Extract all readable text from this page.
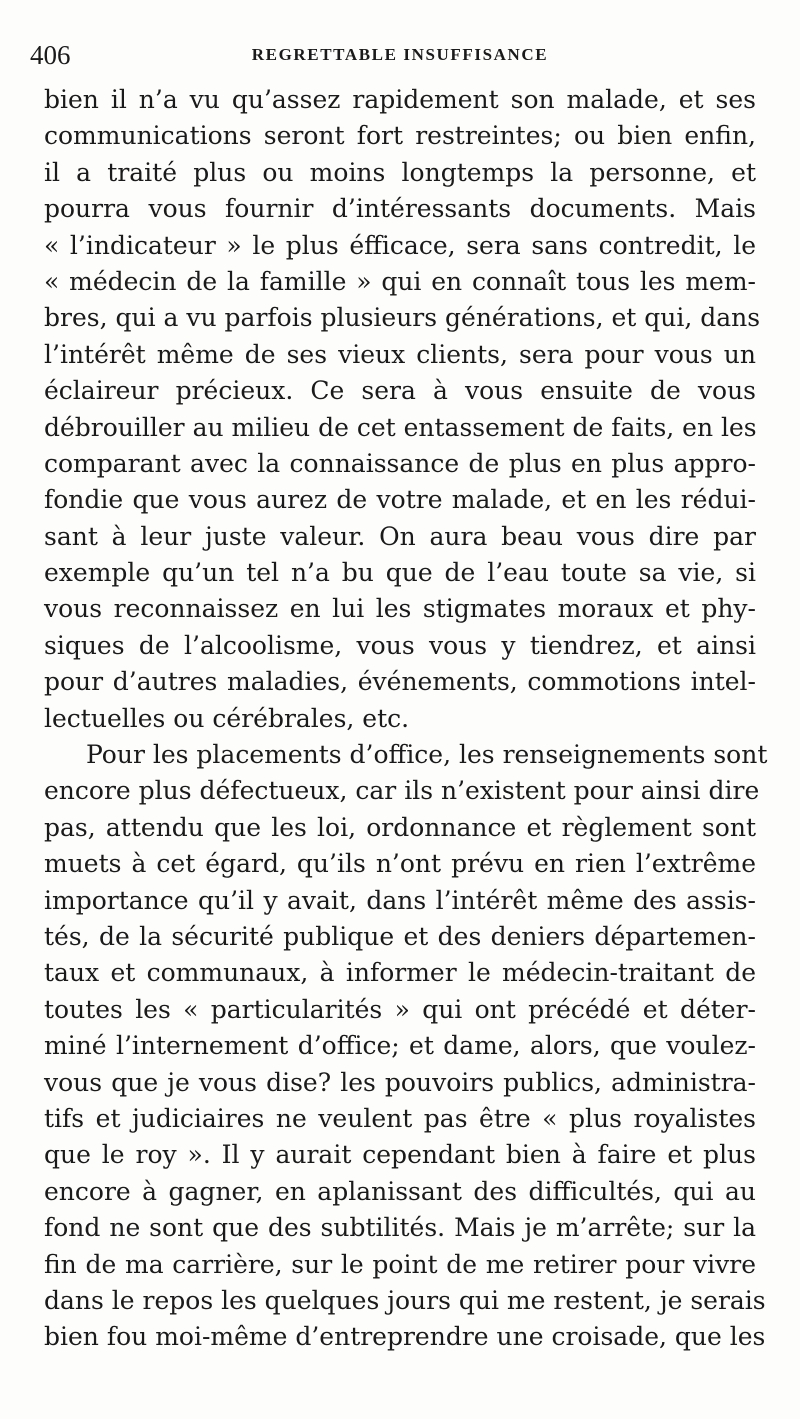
406	REGRETTABLE INSUFFISANCE
bien il n’a vu qu’assez rapidement son malade, et ses
communications seront fort restreintes; ou bien enfin,
il a traité plus ou moins longtemps la personne, et
pourra vous fournir d’intéressants documents. Mais
« l’indicateur » le plus éfficace, sera sans contredit, le
« médecin de la famille » qui en connaît tous les mem-
bres, qui a vu parfois plusieurs générations, et qui, dans
l’intérêt même de ses vieux clients, sera pour vous un
éclaireur précieux. Ce sera à vous ensuite de vous
débrouiller au milieu de cet entassement de faits, en les
comparant avec la connaissance de plus en plus appro-
fondie que vous aurez de votre malade, et en les rédui-
sant à leur juste valeur. On aura beau vous dire par
exemple qu’un tel n’a bu que de l’eau toute sa vie, si
vous reconnaissez en lui les stigmates moraux et phy-
siques de l’alcoolisme, vous vous y tiendrez, et ainsi
pour d’autres maladies, événements, commotions intel-
lectuelles ou cérébrales, etc.
Pour les placements d’office, les renseignements sont
encore plus défectueux, car ils n’existent pour ainsi dire
pas, attendu que les loi, ordonnance et règlement sont
muets à cet égard, qu’ils n’ont prévu en rien l’extrême
importance qu’il y avait, dans l’intérêt même des assis-
tés, de la sécurité publique et des deniers départemen-
taux et communaux, à informer le médecin-traitant de
toutes les « particularités » qui ont précédé et déter-
miné l’internement d’office; et dame, alors, que voulez-
vous que je vous dise? les pouvoirs publics, administra-
tifs et judiciaires ne veulent pas être « plus royalistes
que le roy ». Il y aurait cependant bien à faire et plus
encore à gagner, en aplanissant des difficultés, qui au
fond ne sont que des subtilités. Mais je m’arrête; sur la
fin de ma carrière, sur le point de me retirer pour vivre
dans le repos les quelques jours qui me restent, je serais
bien fou moi-même d’entreprendre une croisade, que les
